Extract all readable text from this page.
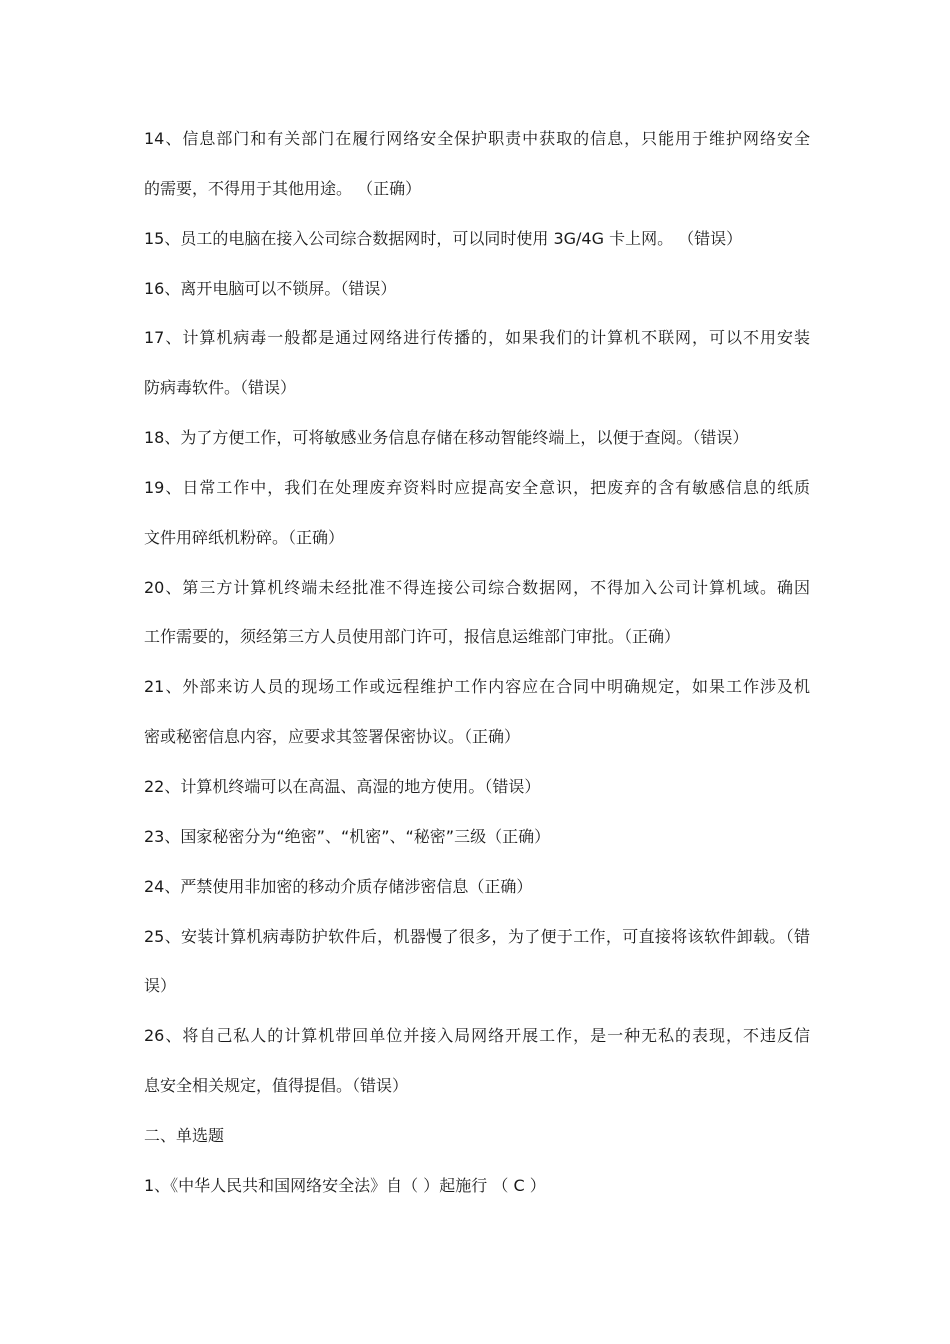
14、信息部门和有关部门在履行网络安全保护职责中获取的信息，只能用于维护网络安全
的需要，不得用于其他用途。 （正确）
15、员工的电脑在接入公司综合数据网时，可以同时使用 3G/4G 卡上网。 （错误）
16、离开电脑可以不锁屏。（错误）
17、计算机病毒一般都是通过网络进行传播的，如果我们的计算机不联网，可以不用安装
防病毒软件。（错误）
18、为了方便工作，可将敏感业务信息存储在移动智能终端上，以便于查阅。（错误）
19、日常工作中，我们在处理废弃资料时应提高安全意识，把废弃的含有敏感信息的纸质
文件用碎纸机粉碎。（正确）
20、第三方计算机终端未经批准不得连接公司综合数据网，不得加入公司计算机域。确因
工作需要的，须经第三方人员使用部门许可，报信息运维部门审批。（正确）
21、外部来访人员的现场工作或远程维护工作内容应在合同中明确规定，如果工作涉及机
密或秘密信息内容，应要求其签署保密协议。（正确）
22、计算机终端可以在高温、高湿的地方使用。（错误）
23、国家秘密分为“绝密”、“机密”、“秘密”三级（正确）
24、严禁使用非加密的移动介质存储涉密信息（正确）
25、安装计算机病毒防护软件后，机器慢了很多，为了便于工作，可直接将该软件卸载。（错
误）
26、将自己私人的计算机带回单位并接入局网络开展工作，是一种无私的表现，不违反信
息安全相关规定，值得提倡。（错误）
二、单选题
1、《中华人民共和国网络安全法》自（ ）起施行 （ C ）
